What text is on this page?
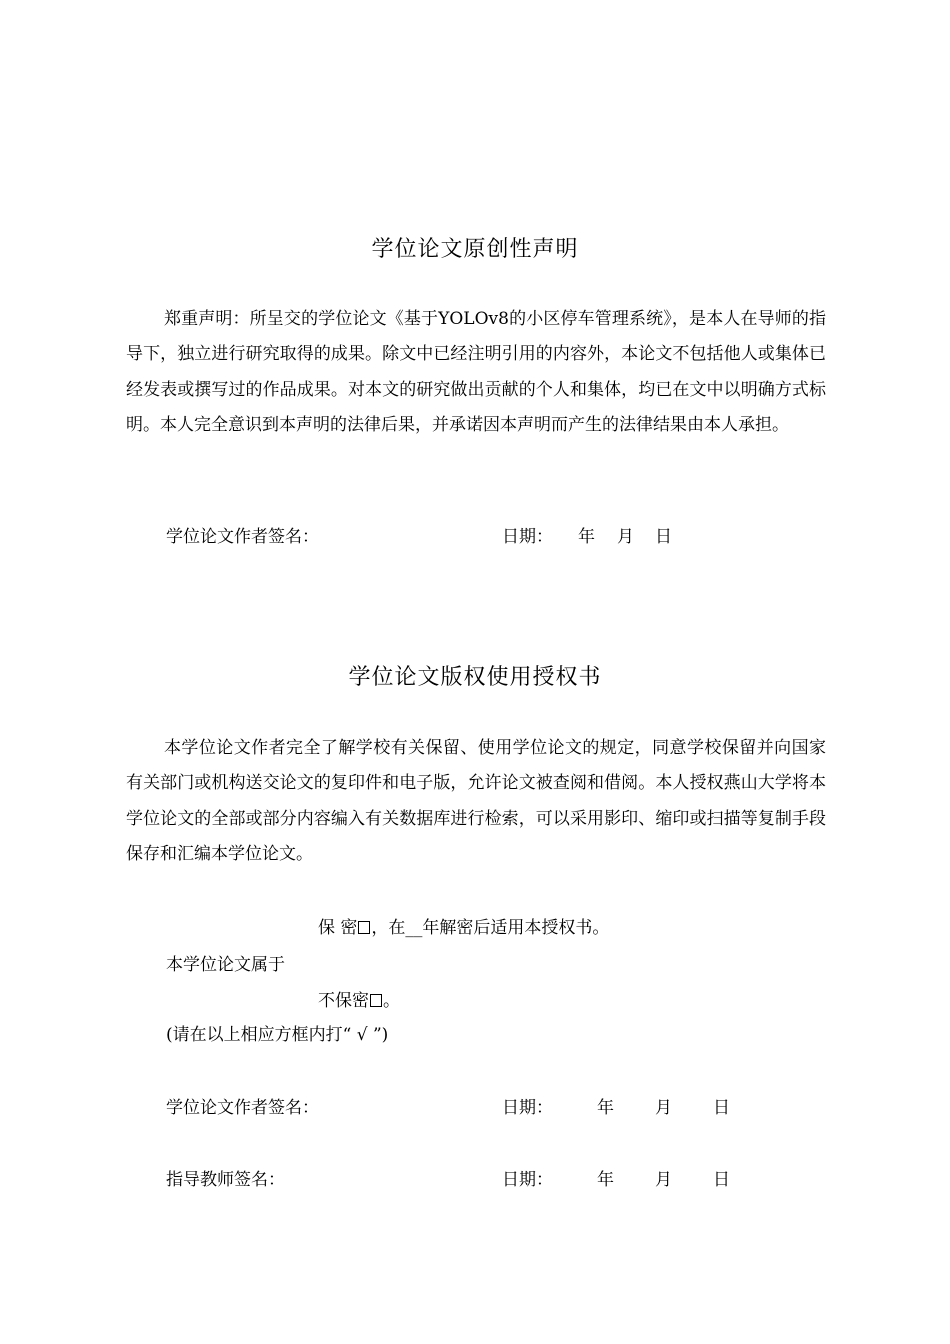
学位论文原创性声明
郑重声明：所呈交的学位论文《基于YOLOv8的小区停车管理系统》，是本人在导师的指导下，独立进行研究取得的成果。除文中已经注明引用的内容外，本论文不包括他人或集体已经发表或撰写过的作品成果。对本文的研究做出贡献的个人和集体，均已在文中以明确方式标明。本人完全意识到本声明的法律后果，并承诺因本声明而产生的法律结果由本人承担。
学位论文作者签名：	日期： 年 月 日
学位论文版权使用授权书
本学位论文作者完全了解学校有关保留、使用学位论文的规定，同意学校保留并向国家有关部门或机构送交论文的复印件和电子版，允许论文被查阅和借阅。本人授权燕山大学将本学位论文的全部或部分内容编入有关数据库进行检索，可以采用影印、缩印或扫描等复制手段保存和汇编本学位论文。
保 密 ，在__年解密后适用本授权书。
本学位论文属于
不保密 。
(请在以上相应方框内打“ √ ”)
学位论文作者签名：	日期：	年 月 日
指导教师签名：	日期：	年 月 日
